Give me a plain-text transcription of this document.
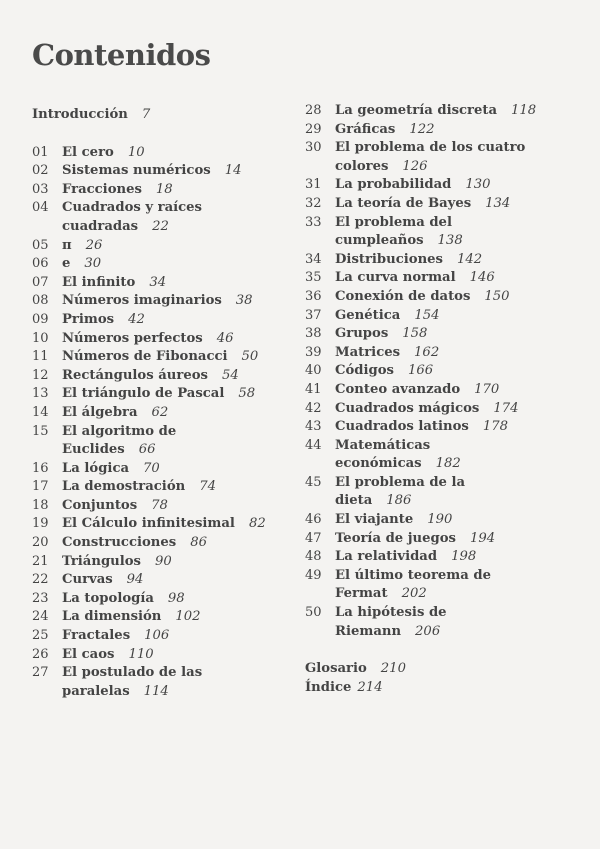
Contenidos
Introducción 7
01	El cero 10
02	Sistemas numéricos 14
03	Fracciones 18
04	Cuadrados y raíces
cuadradas 22
05	π 26
06	e 30
07	El infinito 34
08	Números imaginarios 38
09	Primos 42
10	Números perfectos 46
11	Números de Fibonacci 50
12	Rectángulos áureos 54
13	El triángulo de Pascal 58
14	El álgebra 62
15	El algoritmo de
Euclides 66
16	La lógica 70
17	La demostración 74
18	Conjuntos 78
19	El Cálculo infinitesimal 82
20	Construcciones 86
21	Triángulos 90
22	Curvas 94
23	La topología 98
24	La dimensión 102
25	Fractales 106
26	El caos 110
27	El postulado de las
paralelas 114
28	La geometría discreta 118
29	Gráficas 122
30	El problema de los cuatro
colores 126
31	La probabilidad 130
32	La teoría de Bayes 134
33	El problema del
cumpleaños 138
34	Distribuciones 142
35	La curva normal 146
36	Conexión de datos 150
37	Genética 154
38	Grupos 158
39	Matrices 162
40	Códigos 166
41	Conteo avanzado 170
42	Cuadrados mágicos 174
43	Cuadrados latinos 178
44	Matemáticas
económicas 182
45	El problema de la
dieta 186
46	El viajante 190
47	Teoría de juegos 194
48	La relatividad 198
49	El último teorema de
Fermat 202
50	La hipótesis de
Riemann 206
Glosario 210
Índice 214
